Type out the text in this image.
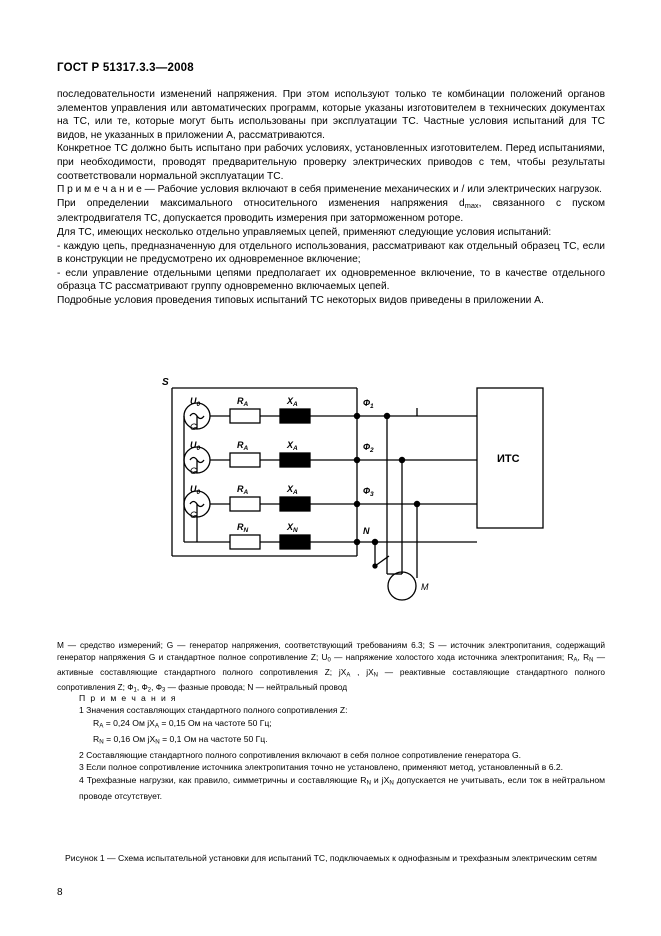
ГОСТ Р 51317.3.3—2008

последовательности изменений напряжения. При этом используют только те комбинации положений органов элементов управления или автоматических программ, которые указаны изготовителем в технических документах на ТС, или те, которые могут быть использованы при эксплуатации ТС. Частные условия испытаний для ТС видов, не указанных в приложении А, рассматриваются.

Конкретное ТС должно быть испытано при рабочих условиях, установленных изготовителем. Перед испытаниями, при необходимости, проводят предварительную проверку электрических приводов с тем, чтобы результаты соответствовали нормальной эксплуатации ТС.

П р и м е ч а н и е — Рабочие условия включают в себя применение механических и / или электрических нагрузок.

При определении максимального относительного изменения напряжения $d_{max}$, связанного с пуском электродвигателя ТС, допускается проводить измерения при заторможенном роторе.

Для ТС, имеющих несколько отдельно управляемых цепей, применяют следующие условия испытаний:

- каждую цепь, предназначенную для отдельного использования, рассматривают как отдельный образец ТС, если в конструкции не предусмотрено их одновременное включение;

- если управление отдельными цепями предполагает их одновременное включение, то в качестве отдельного образца ТС рассматривают группу одновременно включаемых цепей.

Подробные условия проведения типовых испытаний ТС некоторых видов приведены в приложении А.

S
G
G
G
$R_A$	$X_A$
$R_A$	$X_A$
$R_A$	$X_A$
$R_N$	$X_N$
$U_0$
$U_0$
$U_0$
$Ф_1$
$Ф_2$
$Ф_3$
N
ИТС
M
M — средство измерений; G — генератор напряжения, соответствующий требованиям 6.3; S — источник электропитания, содержащий генератор напряжения G и стандартное полное сопротивление Z; $U_0$ — напряжение холостого хода источника электропитания; $R_A$, $R_N$ — активные составляющие стандартного полного сопротивления Z; $jX_A$ , $jX_N$ — реактивные составляющие стандартного полного сопротивления Z; $Ф_1$, $Ф_2$, $Ф_3$ — фазные провода; N — нейтральный провод
П р и м е ч а н и я
1 Значения составляющих стандартного полного сопротивления Z:
$R_A = 0,24$ Ом $jX_A = 0,15$ Ом на частоте 50 Гц;
$R_N = 0,16$ Ом $jX_N = 0,1$ Ом на частоте 50 Гц.
2 Составляющие стандартного полного сопротивления включают в себя полное сопротивление генератора G.
3 Если полное сопротивление источника электропитания точно не установлено, применяют метод, установленный в 6.2.
4 Трехфазные нагрузки, как правило, симметричны и составляющие $R_N$ и $jX_N$ допускается не учитывать, если ток в нейтральном проводе отсутствует.
Рисунок 1 — Схема испытательной установки для испытаний ТС, подключаемых к однофазным и трехфазным электрическим сетям
8
